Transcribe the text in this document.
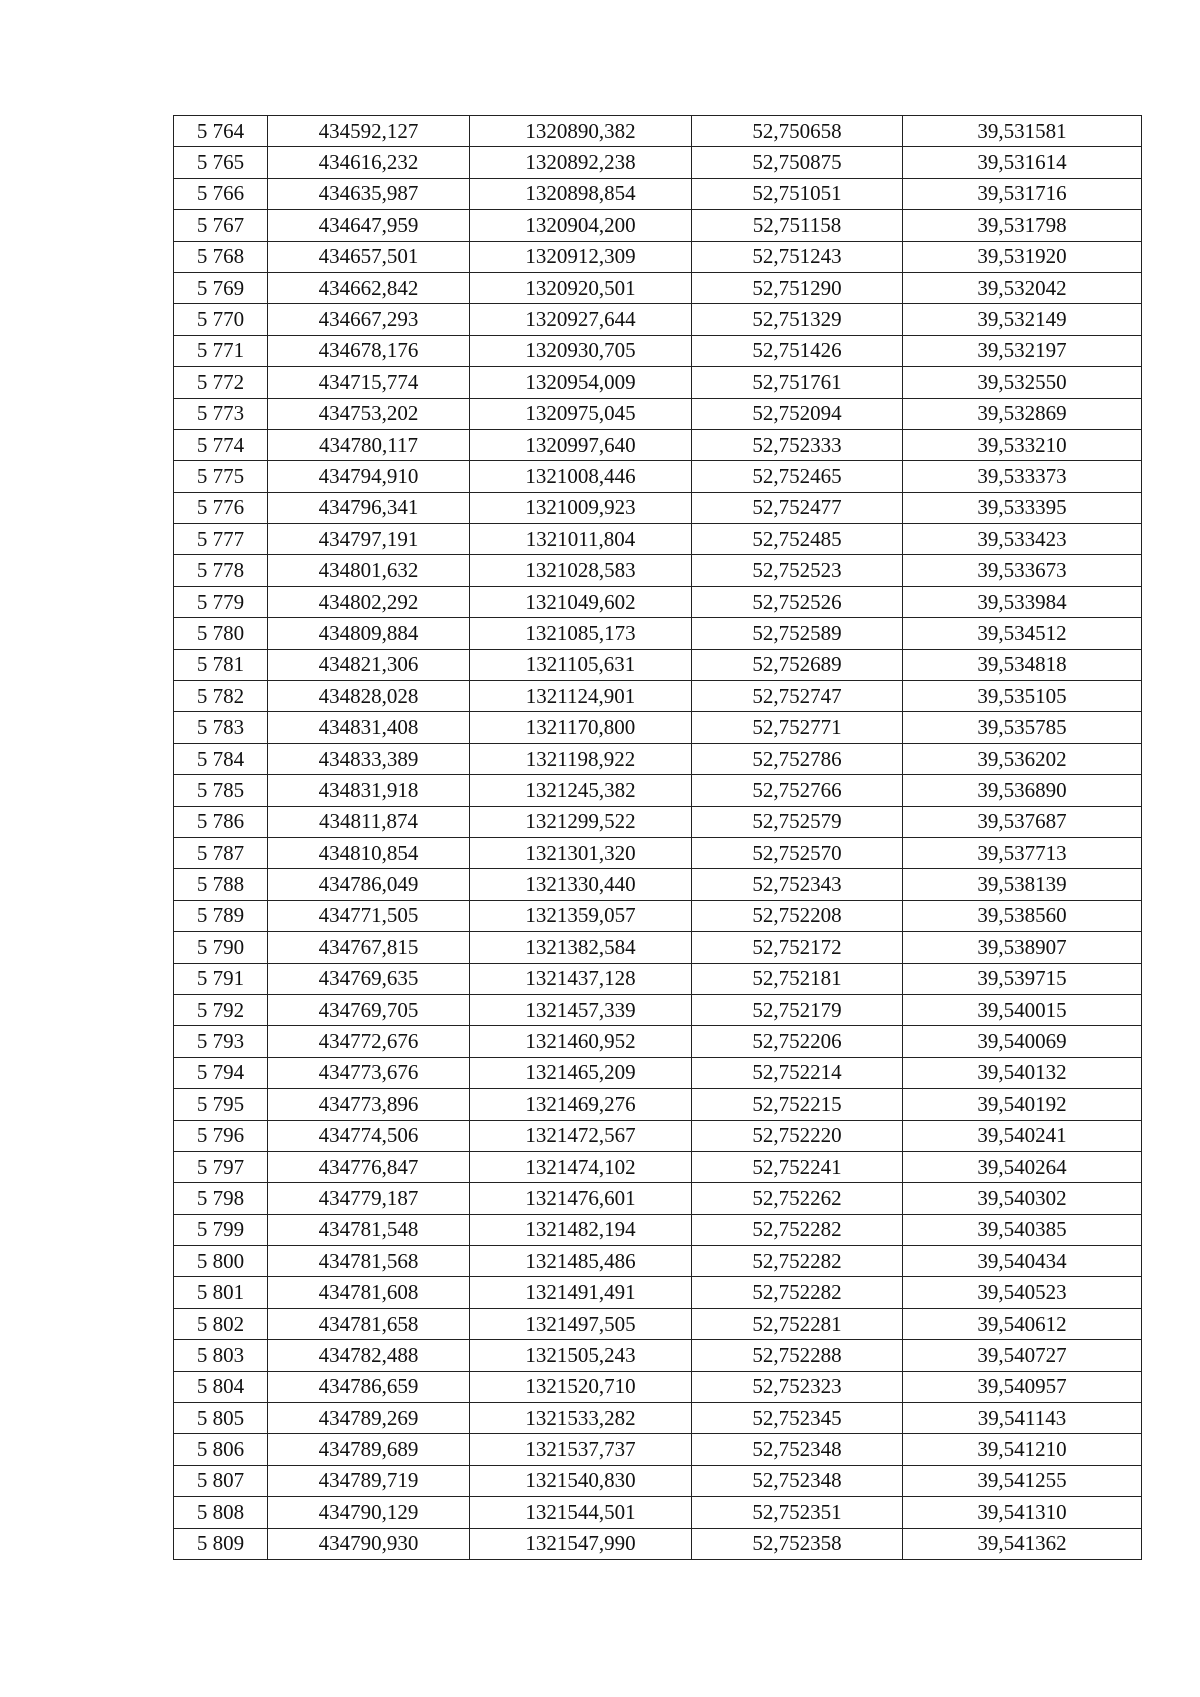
5 764	434592,127	1320890,382	52,750658	39,531581
5 765	434616,232	1320892,238	52,750875	39,531614
5 766	434635,987	1320898,854	52,751051	39,531716
5 767	434647,959	1320904,200	52,751158	39,531798
5 768	434657,501	1320912,309	52,751243	39,531920
5 769	434662,842	1320920,501	52,751290	39,532042
5 770	434667,293	1320927,644	52,751329	39,532149
5 771	434678,176	1320930,705	52,751426	39,532197
5 772	434715,774	1320954,009	52,751761	39,532550
5 773	434753,202	1320975,045	52,752094	39,532869
5 774	434780,117	1320997,640	52,752333	39,533210
5 775	434794,910	1321008,446	52,752465	39,533373
5 776	434796,341	1321009,923	52,752477	39,533395
5 777	434797,191	1321011,804	52,752485	39,533423
5 778	434801,632	1321028,583	52,752523	39,533673
5 779	434802,292	1321049,602	52,752526	39,533984
5 780	434809,884	1321085,173	52,752589	39,534512
5 781	434821,306	1321105,631	52,752689	39,534818
5 782	434828,028	1321124,901	52,752747	39,535105
5 783	434831,408	1321170,800	52,752771	39,535785
5 784	434833,389	1321198,922	52,752786	39,536202
5 785	434831,918	1321245,382	52,752766	39,536890
5 786	434811,874	1321299,522	52,752579	39,537687
5 787	434810,854	1321301,320	52,752570	39,537713
5 788	434786,049	1321330,440	52,752343	39,538139
5 789	434771,505	1321359,057	52,752208	39,538560
5 790	434767,815	1321382,584	52,752172	39,538907
5 791	434769,635	1321437,128	52,752181	39,539715
5 792	434769,705	1321457,339	52,752179	39,540015
5 793	434772,676	1321460,952	52,752206	39,540069
5 794	434773,676	1321465,209	52,752214	39,540132
5 795	434773,896	1321469,276	52,752215	39,540192
5 796	434774,506	1321472,567	52,752220	39,540241
5 797	434776,847	1321474,102	52,752241	39,540264
5 798	434779,187	1321476,601	52,752262	39,540302
5 799	434781,548	1321482,194	52,752282	39,540385
5 800	434781,568	1321485,486	52,752282	39,540434
5 801	434781,608	1321491,491	52,752282	39,540523
5 802	434781,658	1321497,505	52,752281	39,540612
5 803	434782,488	1321505,243	52,752288	39,540727
5 804	434786,659	1321520,710	52,752323	39,540957
5 805	434789,269	1321533,282	52,752345	39,541143
5 806	434789,689	1321537,737	52,752348	39,541210
5 807	434789,719	1321540,830	52,752348	39,541255
5 808	434790,129	1321544,501	52,752351	39,541310
5 809	434790,930	1321547,990	52,752358	39,541362
